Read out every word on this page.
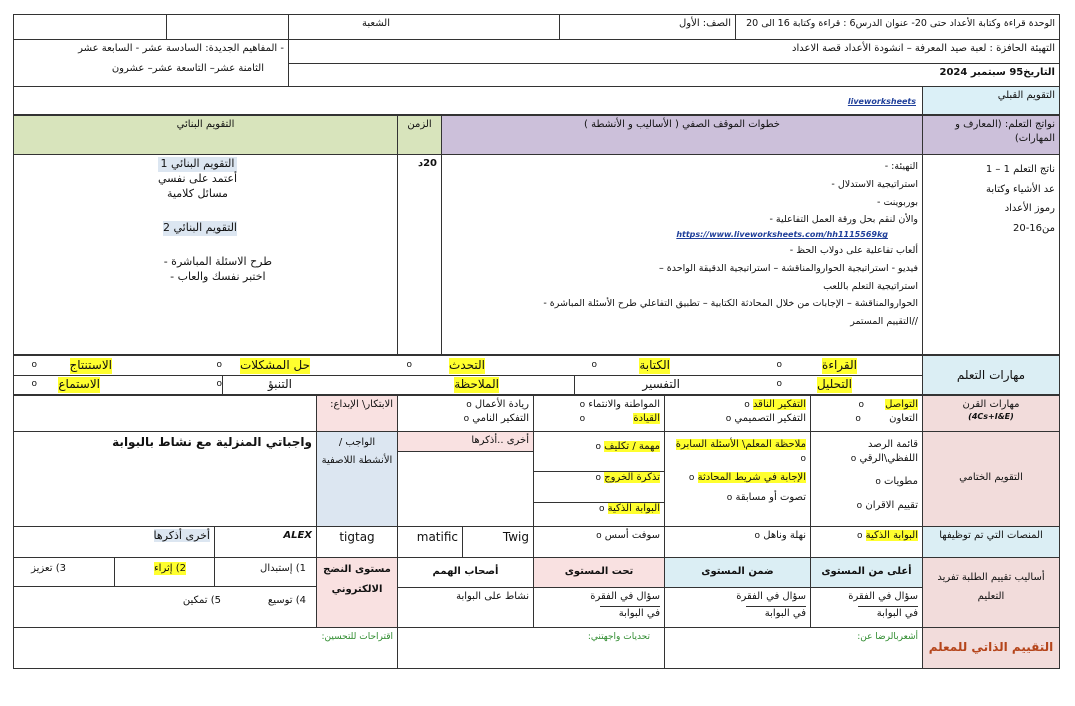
الوحدة قراءة وكتابة الأعداد حتى 20- عنوان الدرس6 : قراءة وكتابة 16 الى 20
الصف: الأول
الشعبة
التهيئة الحافزة : لعبة صيد المعرفة – انشودة الأعداد قصة الاعداد
- المفاهيم الجديدة: السادسة عشر - السابعة عشر
الثامنة عشر– التاسعة عشر– عشرون	التاريخ95 سبتمبر 2024
التقويم القبلي
liveworksheets
نواتج التعلم: (المعارف و المهارات)
خطوات الموقف الصفي ( الأساليب و الأنشطة )
الزمن
التقويم البنائي
ناتج التعلم 1 – 1
عد الأشياء وكتابة
رموز الأعداد
من16-20
التهيئة: -
استراتيجية الاستدلال -
بوربوينت -
والأن لنقم بحل ورقة العمل التفاعلية -
https://www.liveworksheets.com/hh1115569kg
ألعاب تفاعلية على دولاب الحظ -
فيديو - استراتيجية الحواروالمناقشة – استراتيجية الدقيقة الواحدة –
استراتيجية التعلم باللعب
الحواروالمناقشة – الإجابات من خلال المحادثة الكتابية – تطبيق التفاعلي طرح الأسئلة المباشرة -
//التقييم المستمر
20د
التقويم البنائي 1
أعتمد على نفسي
مسائل كلامية
التقويم البنائي 2
طرح الاسئلة المباشرة -
اختبر نفسك والعاب -
مهارات التعلم
القراءة
o
الكتابة
o
التحدث
o
حل المشكلات
o
الاستنتاج
o
التحليل
o
التفسير
الملاحظة
التنبؤ
o
الاستماع
o
مهارات القرن
(4Cs+I&E)
التواصل o
التعاون o
التفكير الناقد o
التفكير التصميمي o
المواطنة والانتماء o
القيادة o
ريادة الأعمال o
التفكير النامي o
الابتكار\ الإبداع:
التقويم الختامي
قائمة الرصد اللفظي\الرقي o
مطويات o
تقييم الاقران o
ملاحظة المعلم\ الأسئلة السابرة o
الإجابة في شريط المحادثة o
تصوت أو مسابقة o
مهمة / تكليف o
تذكرة الخروج o
البوابة الذكية o
أخرى ..أذكرها
الواجب / الأنشطة اللاصفية
واجباتي المنزلية مع نشاط بالبوابة
المنصات التي تم توظيفها
البوابة الذكية o
نهلة وناهل o
سوفت أسس o
Twig
matific
tigtag
ALEX
أخرى أذكرها
أساليب تقييم الطلبة تفريد التعليم
أعلى من المستوى
ضمن المستوى
تحت المستوى
أصحاب الهمم
مستوى النضج الالكتروني
سؤال في الفقرة
في البوابة
سؤال في الفقرة
في البوابة
سؤال في الفقرة
في البوابة
نشاط على البوابة
1) إستبدال
2) إثراء
3) تعزيز
4) توسيع
5) تمكين
التقييم الذاتي للمعلم
أشعربالرضا عن:
تحديات واجهتني:
اقتراحات للتحسين:
